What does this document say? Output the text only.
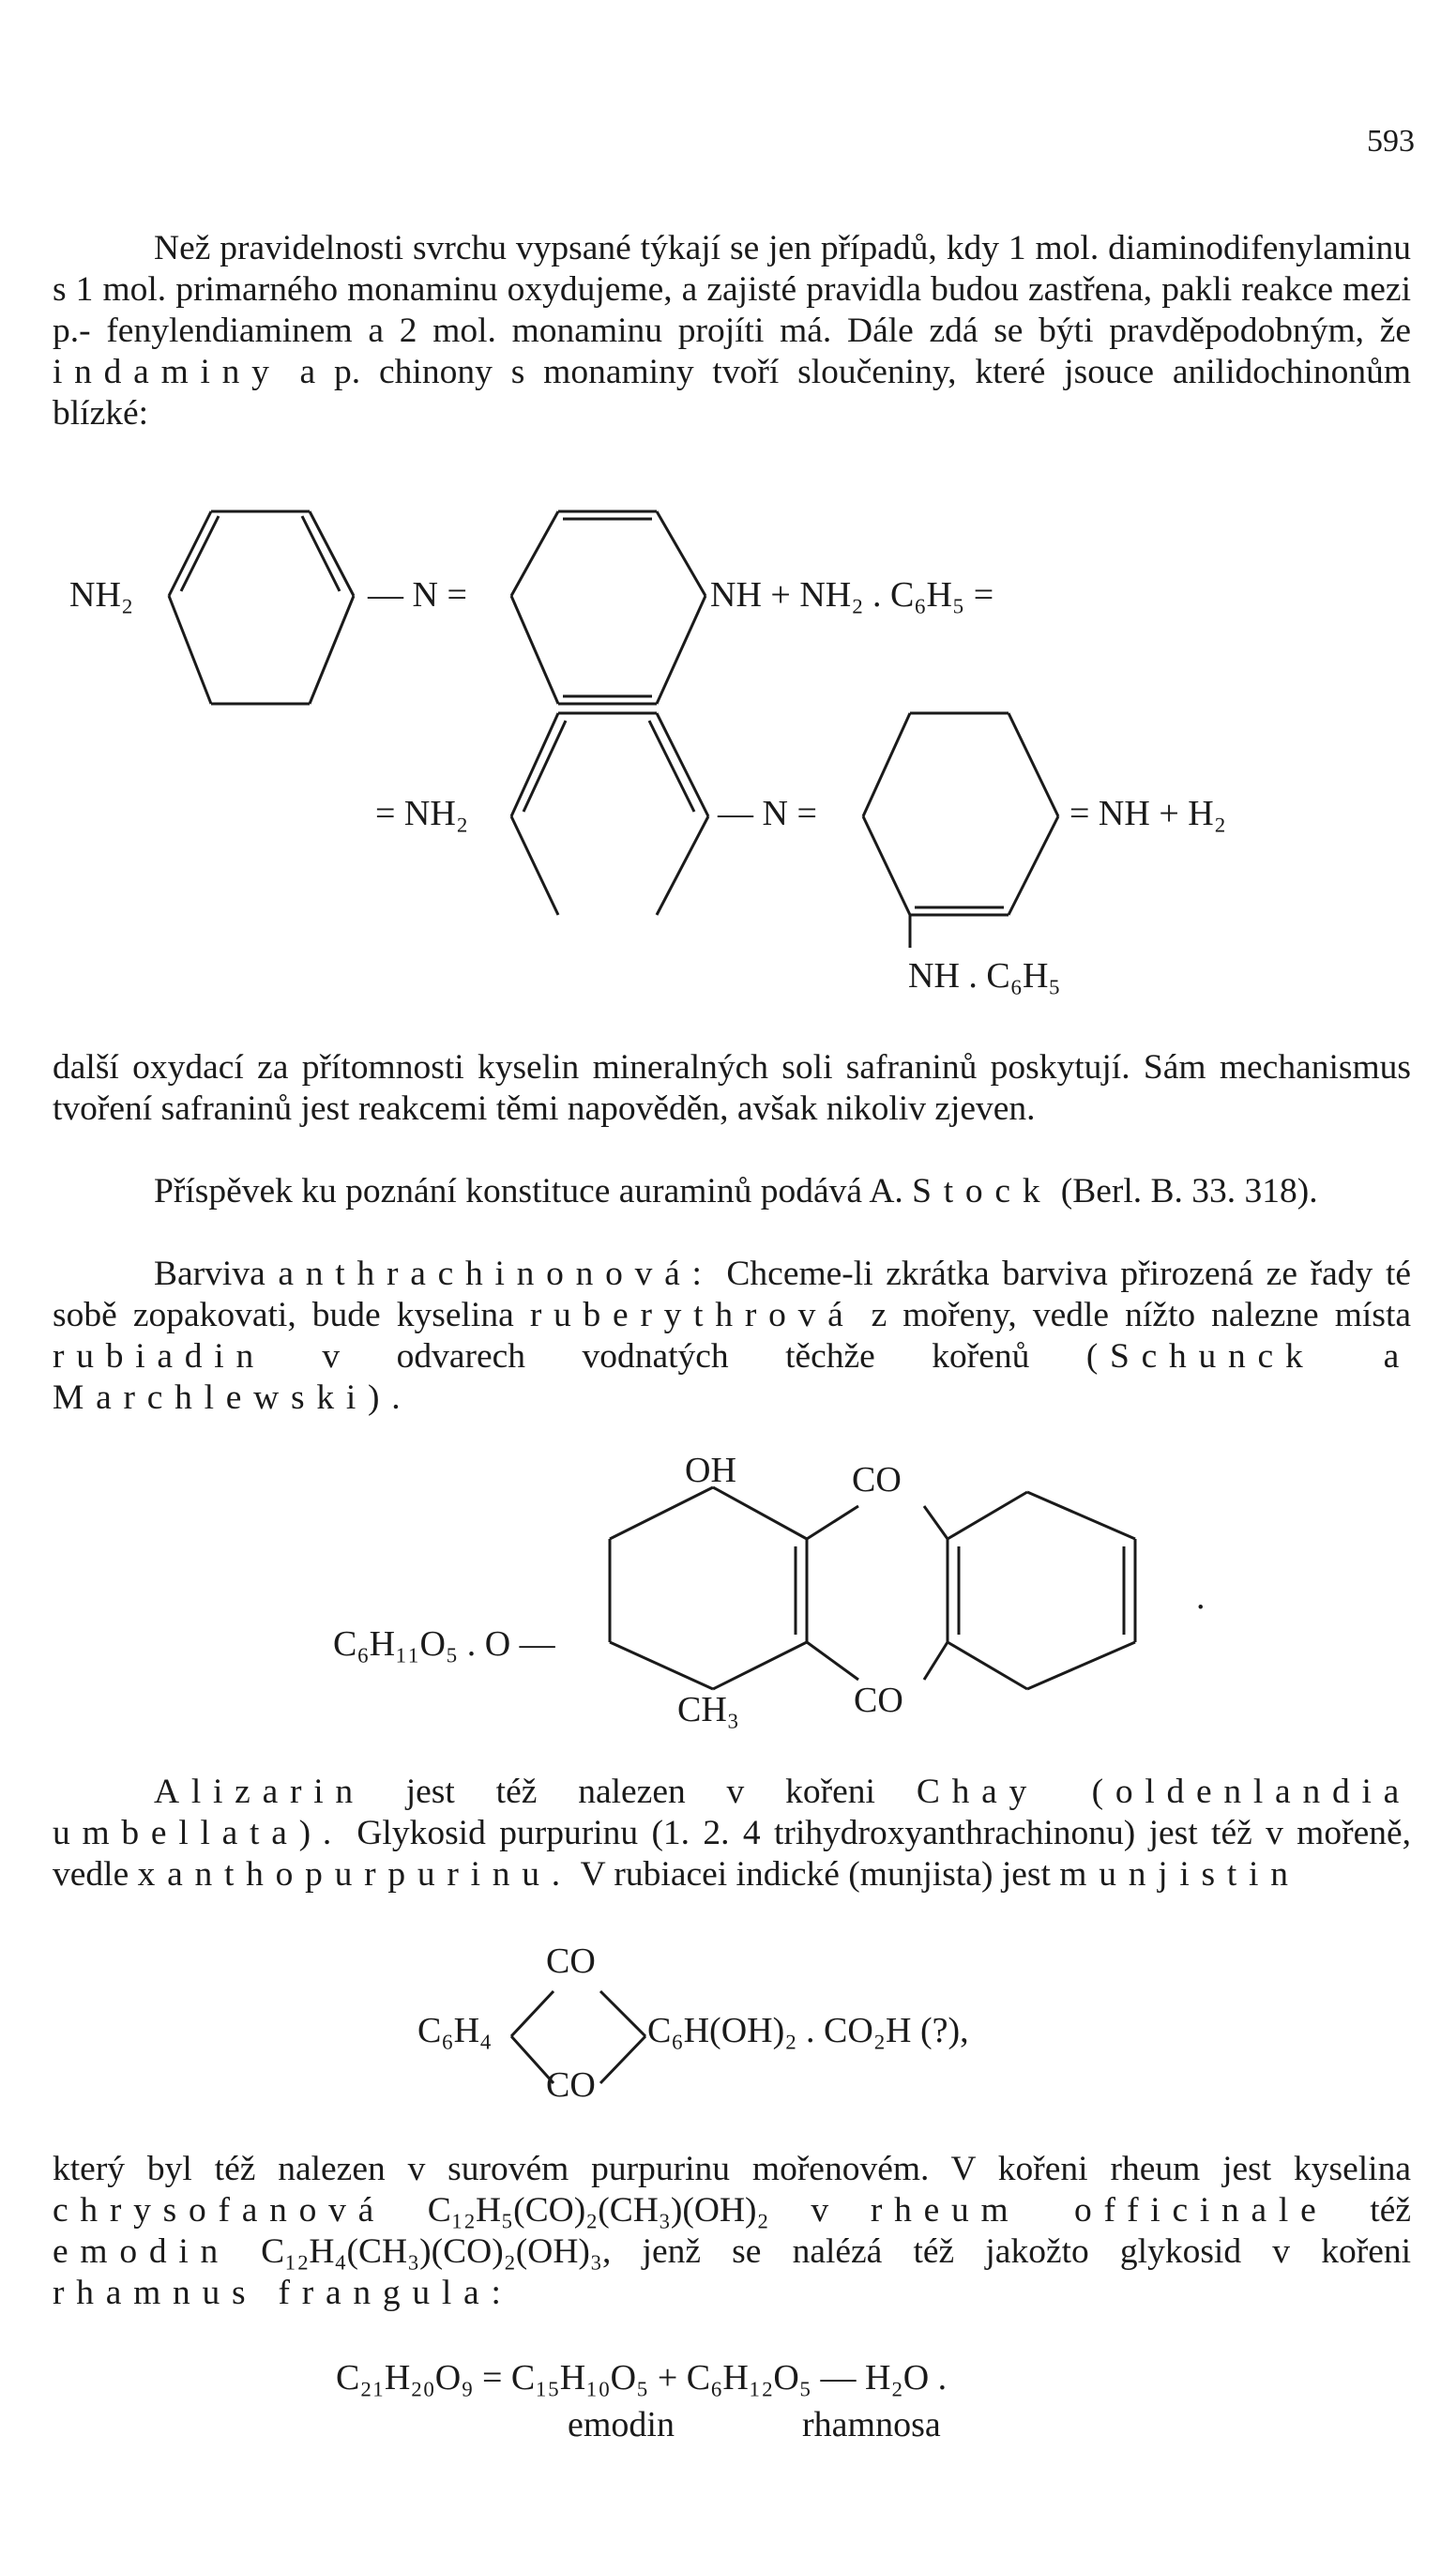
593

Než pravidelnosti svrchu vypsané týkají se jen případů, kdy 1 mol. diaminodifenylaminu s 1 mol. primarného monaminu oxydujeme, a zajisté pravidla budou zastřena, pakli reakce mezi p.- fenylendiaminem a 2 mol. monaminu projíti má. Dále zdá se býti pravděpodobným, že indaminy a p. chinony s monaminy tvoří sloučeniny, které jsouce anilidochinonům blízké:

NH₂	— N =	NH + NH₂ . C₆H₅ =
= NH₂	— N =	= NH + H₂
NH . C₆H₅

další oxydací za přítomnosti kyselin mineralných soli safraninů poskytují. Sám mechanismus tvoření safraninů jest reakcemi těmi napověděn, avšak nikoliv zjeven.

Příspěvek ku poznání konstituce auraminů podává A. Stock (Berl. B. 33. 318).

Barviva anthrachinonová: Chceme-li zkrátka barviva přirozená ze řady té sobě zopakovati, bude kyselina ruberythrová z mořeny, vedle nížto nalezne místa rubiadin v odvarech vodnatých těchže kořenů (Schunck a Marchlewski).

OH	CO
CO
CH₃
C₆H₁₁O₅ . O —
.

Alizarin jest též nalezen v kořeni Chay (oldenlandia umbellata). Glykosid purpurinu (1. 2. 4 trihydroxyanthrachinonu) jest též v mořeně, vedle xanthopurpurinu. V rubiacei indické (munjista) jest munjistin

CO
CO
C₆H₄	C₆H(OH)₂ . CO₂H (?),

který byl též nalezen v surovém purpurinu mořenovém. V kořeni rheum jest kyselina chrysofanová C₁₂H₅(CO)₂(CH₃)(OH)₂ v rheum officinale též emodin C₁₂H₄(CH₃)(CO)₂(OH)₃, jenž se nalézá též jakožto glykosid v kořeni rhamnus frangula:

C₂₁H₂₀O₉ = C₁₅H₁₀O₅ + C₆H₁₂O₅ — H₂O .
emodin	rhamnosa
